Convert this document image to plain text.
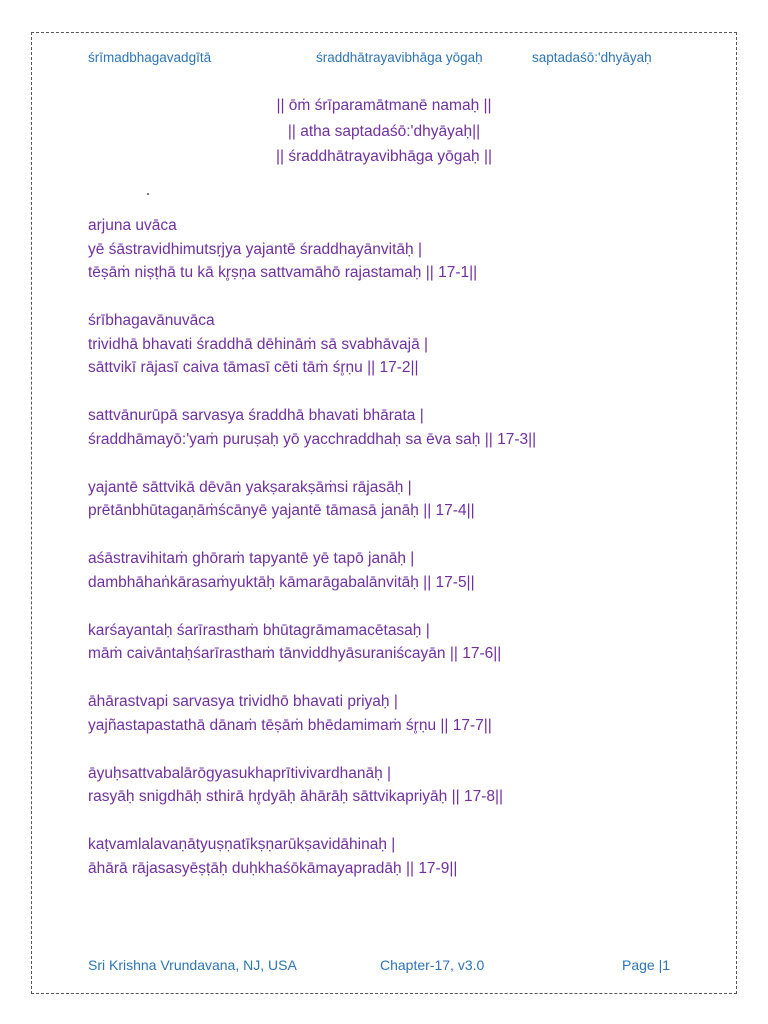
śrīmadbhagavadgītā	śraddhātrayavibhāga yōgaḥ	saptadaśō:'dhyāyaḥ
|| ōṁ śrīparamātmanē namaḥ ||
|| atha saptadaśō:'dhyāyaḥ||
|| śraddhātrayavibhāga yōgaḥ ||
arjuna uvāca
yē śāstravidhimutsṛjya yajantē śraddhayānvitāḥ |
tēṣāṁ niṣṭhā tu kā kr̥ṣṇa sattvamāhō rajastamaḥ || 17-1||
śrībhagavānuvāca
trividhā bhavati śraddhā dēhināṁ sā svabhāvajā |
sāttvikī rājasī caiva tāmasī cēti tāṁ śr̥ṇu || 17-2||
sattvānurūpā sarvasya śraddhā bhavati bhārata |
śraddhāmayō:'yaṁ puruṣaḥ yō yacchraddhaḥ sa ēva saḥ || 17-3||
yajantē sāttvikā dēvān yakṣarakṣāṁsi rājasāḥ |
prētānbhūtagaṇāṁścānyē yajantē tāmasā janāḥ || 17-4||
aśāstravihitaṁ ghōraṁ tapyantē yē tapō janāḥ |
dambhāhaṅkārasaṁyuktāḥ kāmarāgabalānvitāḥ || 17-5||
karśayantaḥ śarīrasthaṁ bhūtagrāmamacētasaḥ |
māṁ caivāntaḥśarīrasthaṁ tānviddhyāsuraniścayān || 17-6||
āhārastvapi sarvasya trividhō bhavati priyaḥ |
yajñastapastathā dānaṁ tēṣāṁ bhēdamimaṁ śr̥ṇu || 17-7||
āyuḥsattvabalārōgyasukhaprītivivardhanāḥ |
rasyāḥ snigdhāḥ sthirā hr̥dyāḥ āhārāḥ sāttvikapriyāḥ || 17-8||
kaṭvamlalavaṇātyuṣṇatīkṣṇarūkṣavidāhinaḥ |
āhārā rājasasyēṣṭāḥ duḥkhaśōkāmayapradāḥ || 17-9||
Sri Krishna Vrundavana, NJ, USA	Chapter-17, v3.0	Page |1
